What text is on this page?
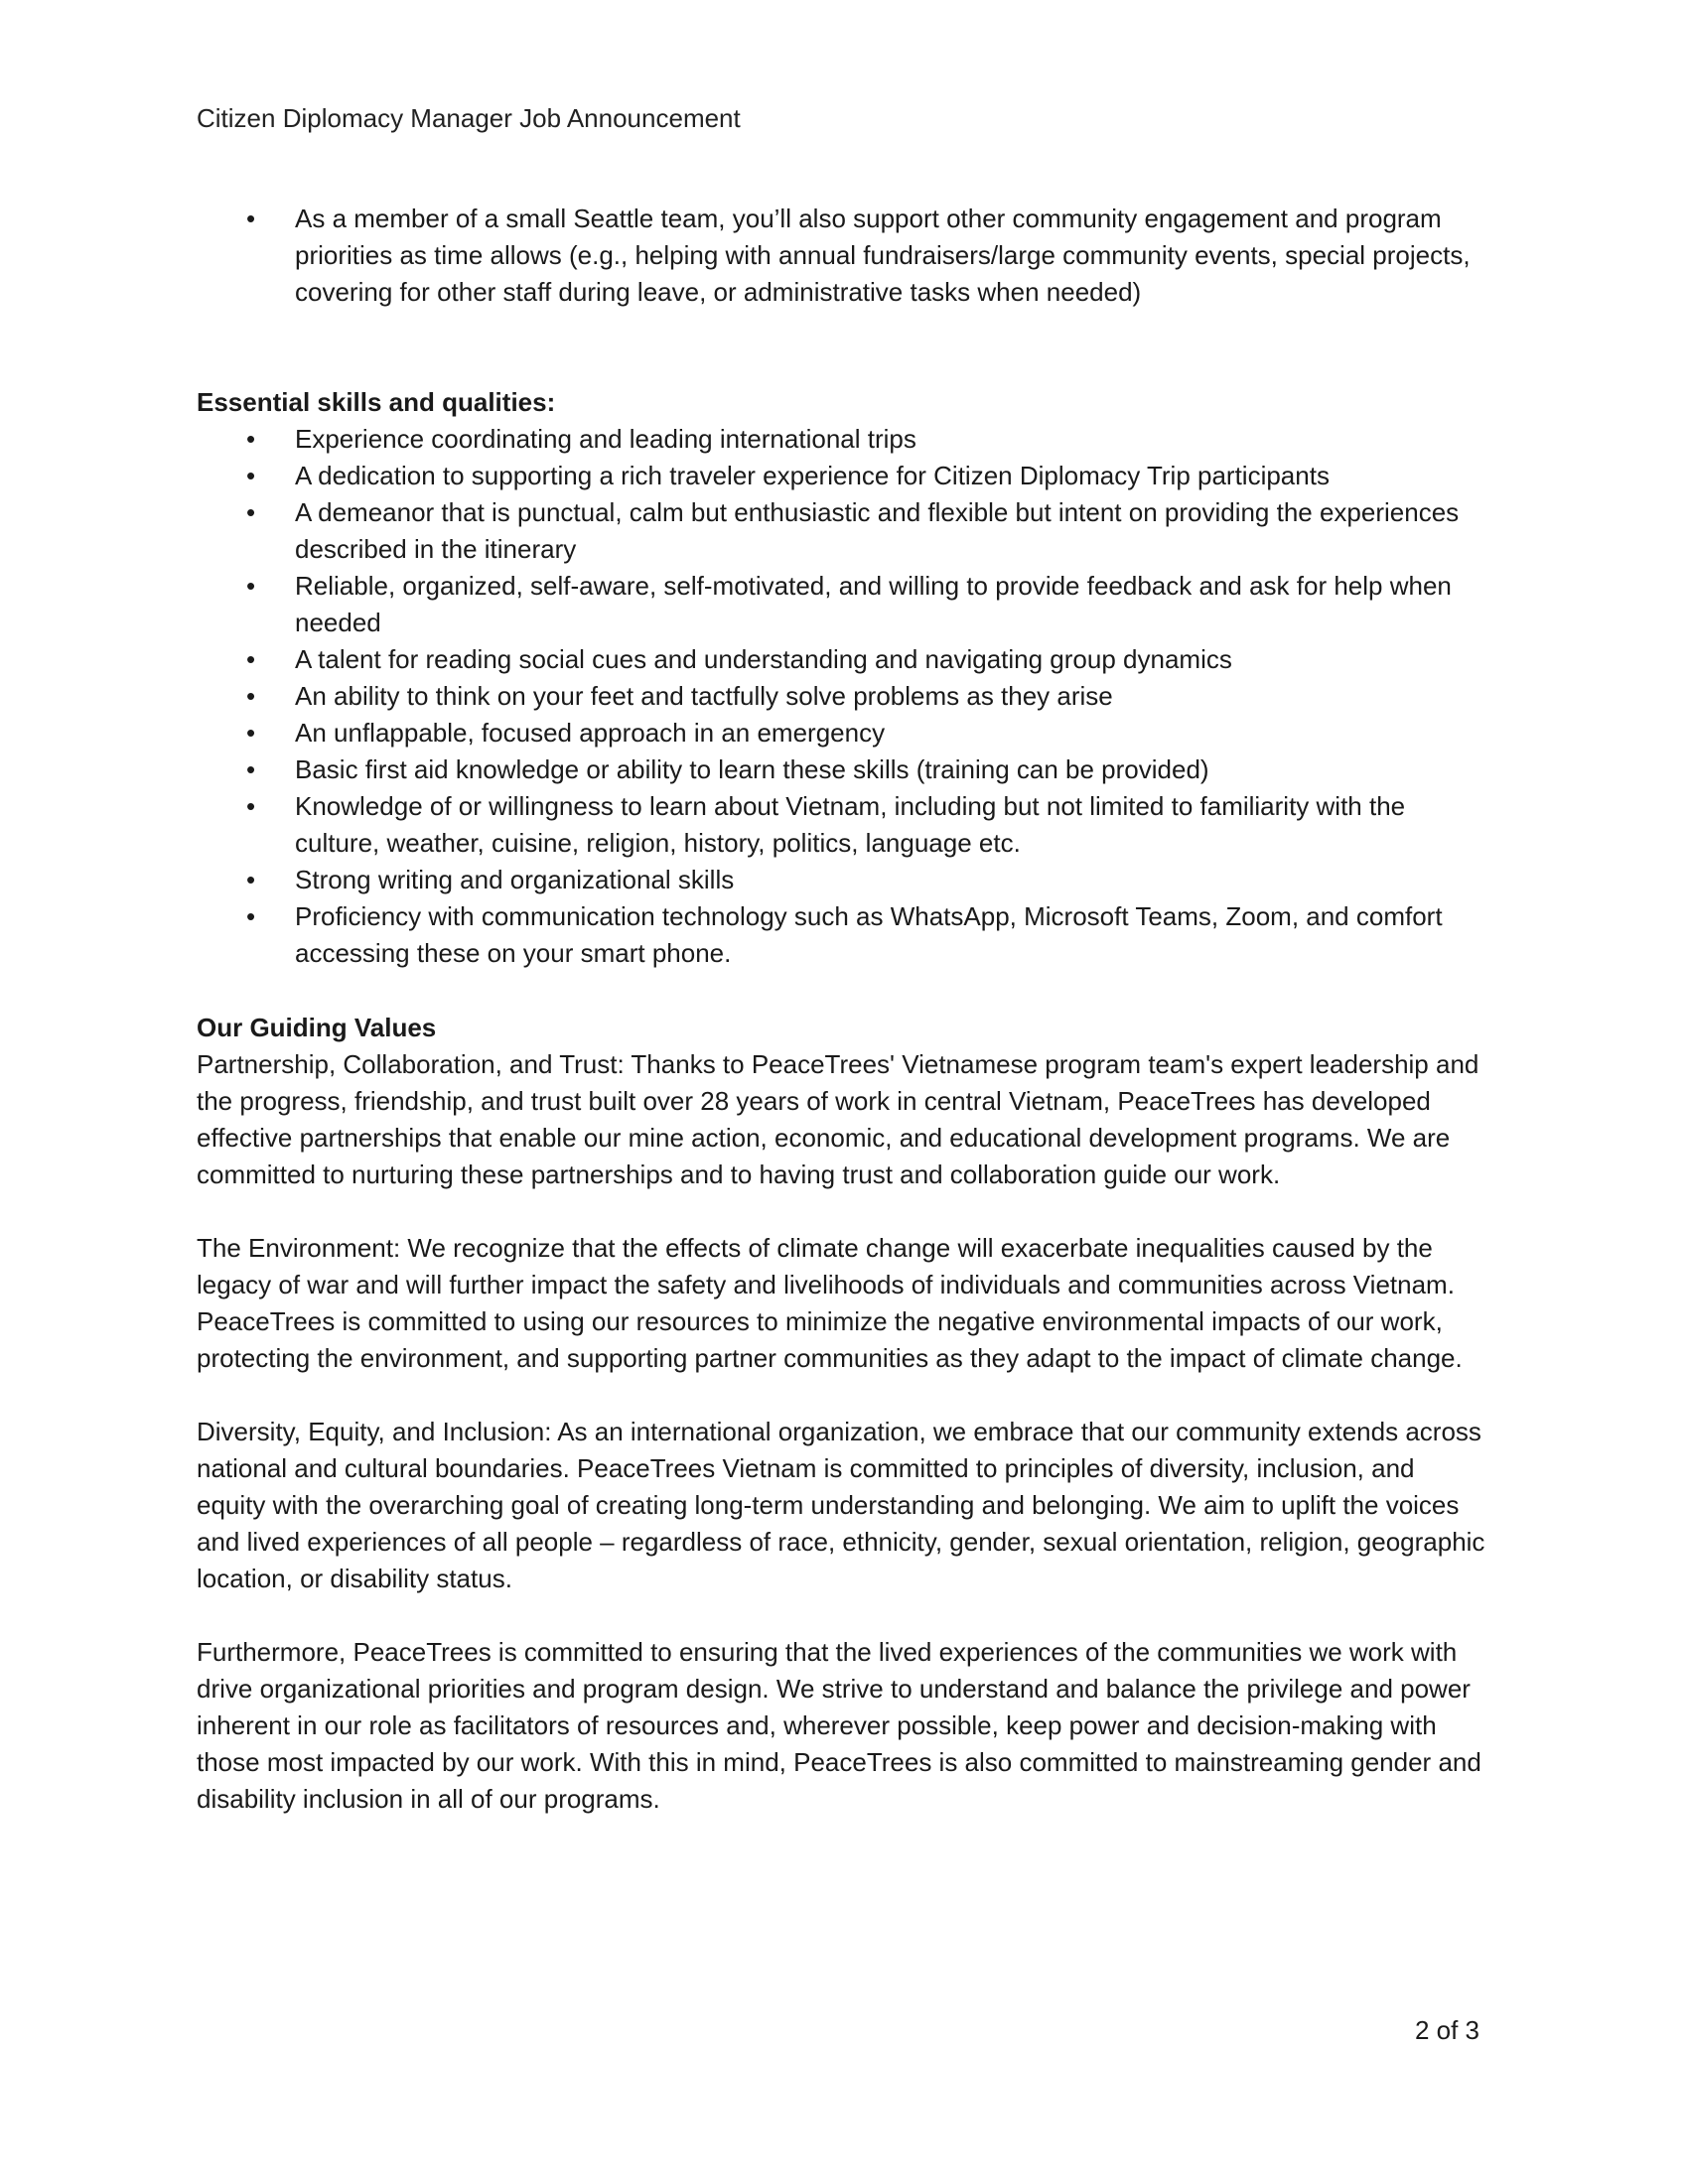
Citizen Diplomacy Manager Job Announcement
• As a member of a small Seattle team, you’ll also support other community engagement and program priorities as time allows (e.g., helping with annual fundraisers/large community events, special projects, covering for other staff during leave, or administrative tasks when needed)

Essential skills and qualities:

• Experience coordinating and leading international trips
• A dedication to supporting a rich traveler experience for Citizen Diplomacy Trip participants
• A demeanor that is punctual, calm but enthusiastic and flexible but intent on providing the experiences described in the itinerary
• Reliable, organized, self-aware, self-motivated, and willing to provide feedback and ask for help when needed
• A talent for reading social cues and understanding and navigating group dynamics
• An ability to think on your feet and tactfully solve problems as they arise
• An unflappable, focused approach in an emergency
• Basic first aid knowledge or ability to learn these skills (training can be provided)
• Knowledge of or willingness to learn about Vietnam, including but not limited to familiarity with the culture, weather, cuisine, religion, history, politics, language etc.
• Strong writing and organizational skills
• Proficiency with communication technology such as WhatsApp, Microsoft Teams, Zoom, and comfort accessing these on your smart phone.

Our Guiding Values

Partnership, Collaboration, and Trust: Thanks to PeaceTrees' Vietnamese program team's expert leadership and the progress, friendship, and trust built over 28 years of work in central Vietnam, PeaceTrees has developed effective partnerships that enable our mine action, economic, and educational development programs. We are committed to nurturing these partnerships and to having trust and collaboration guide our work.

The Environment: We recognize that the effects of climate change will exacerbate inequalities caused by the legacy of war and will further impact the safety and livelihoods of individuals and communities across Vietnam. PeaceTrees is committed to using our resources to minimize the negative environmental impacts of our work, protecting the environment, and supporting partner communities as they adapt to the impact of climate change.

Diversity, Equity, and Inclusion: As an international organization, we embrace that our community extends across national and cultural boundaries. PeaceTrees Vietnam is committed to principles of diversity, inclusion, and equity with the overarching goal of creating long-term understanding and belonging. We aim to uplift the voices and lived experiences of all people – regardless of race, ethnicity, gender, sexual orientation, religion, geographic location, or disability status.

Furthermore, PeaceTrees is committed to ensuring that the lived experiences of the communities we work with drive organizational priorities and program design. We strive to understand and balance the privilege and power inherent in our role as facilitators of resources and, wherever possible, keep power and decision-making with those most impacted by our work. With this in mind, PeaceTrees is also committed to mainstreaming gender and disability inclusion in all of our programs.

2 of 3
